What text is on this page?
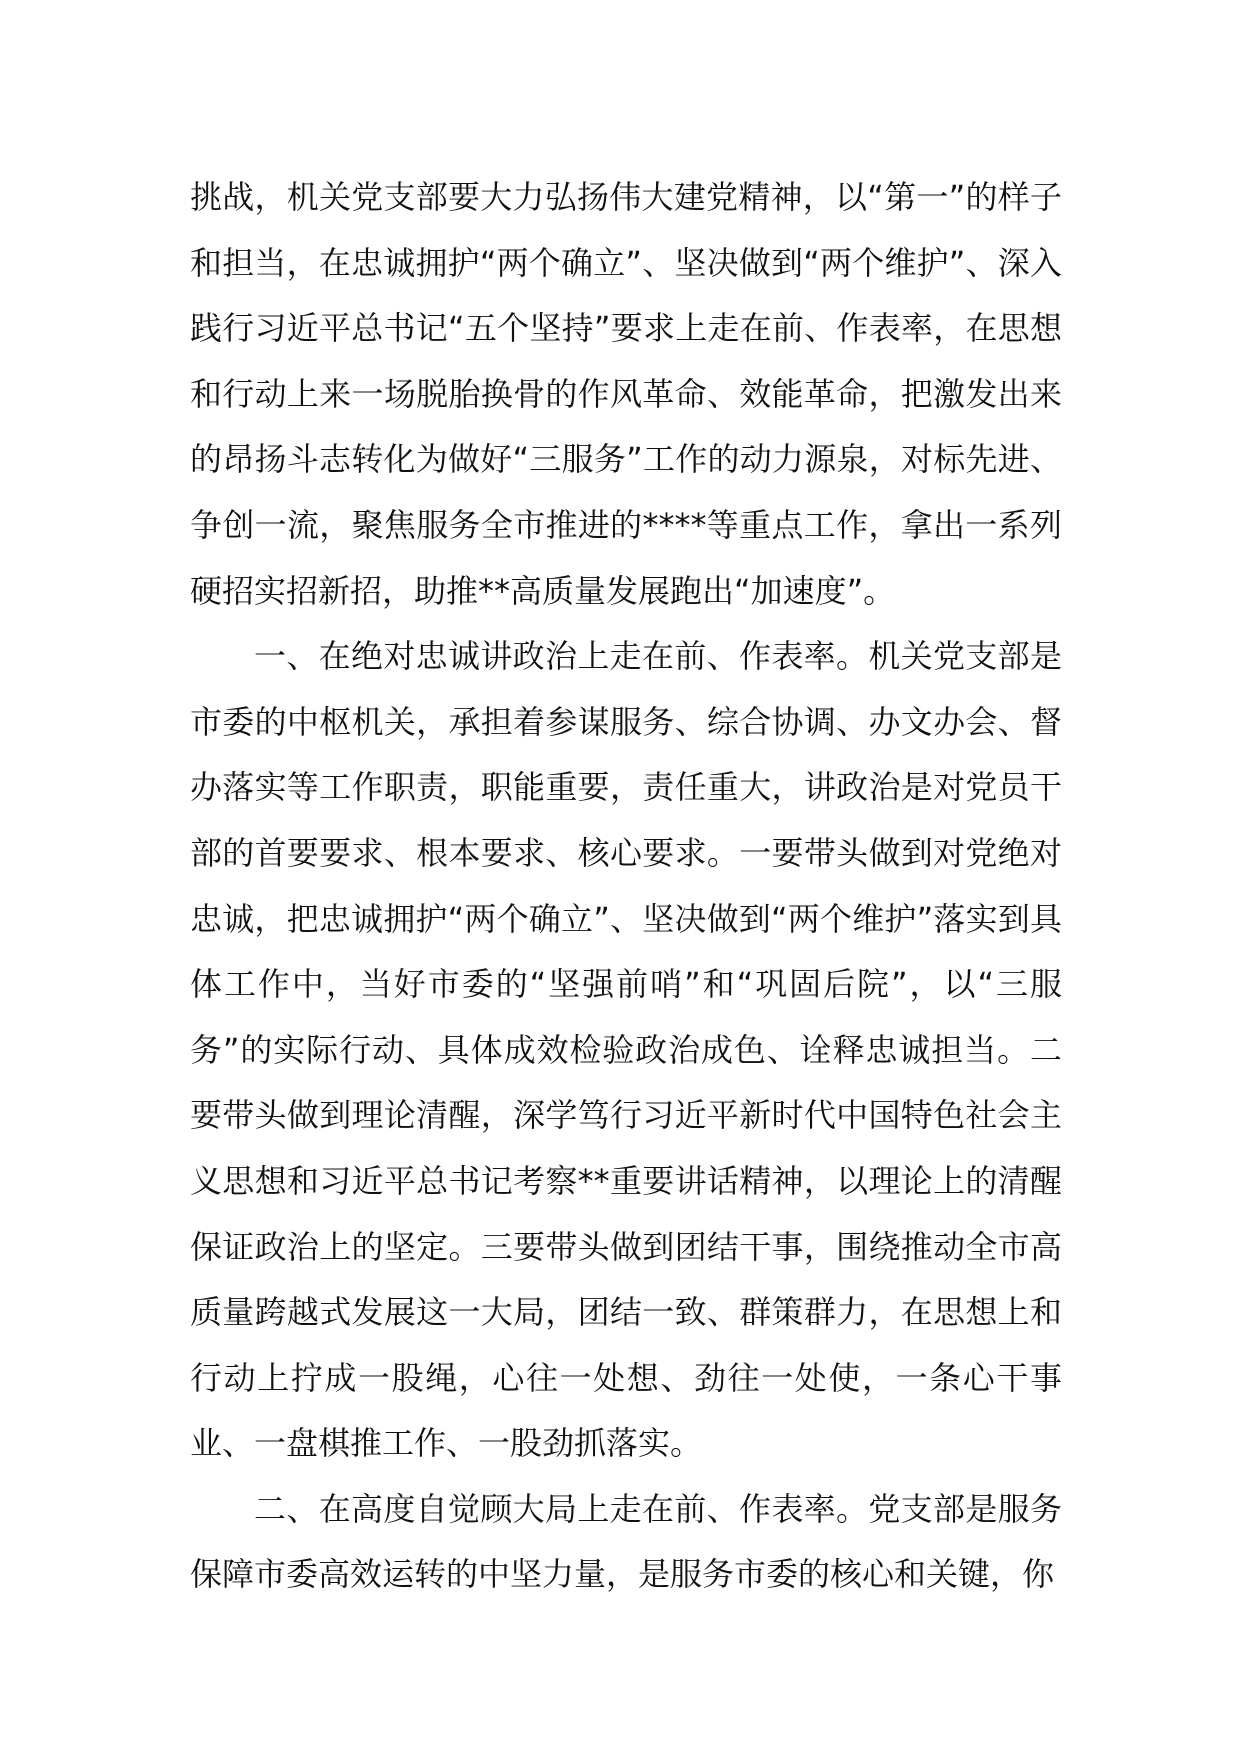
挑战，机关党支部要大力弘扬伟大建党精神，以“第一”的样子和担当，在忠诚拥护“两个确立”、坚决做到“两个维护”、深入践行习近平总书记“五个坚持”要求上走在前、作表率，在思想和行动上来一场脱胎换骨的作风革命、效能革命，把激发出来的昂扬斗志转化为做好“三服务”工作的动力源泉，对标先进、争创一流，聚焦服务全市推进的****等重点工作，拿出一系列硬招实招新招，助推**高质量发展跑出“加速度”。

一、在绝对忠诚讲政治上走在前、作表率。机关党支部是市委的中枢机关，承担着参谋服务、综合协调、办文办会、督办落实等工作职责，职能重要，责任重大，讲政治是对党员干部的首要要求、根本要求、核心要求。一要带头做到对党绝对忠诚，把忠诚拥护“两个确立”、坚决做到“两个维护”落实到具体工作中，当好市委的“坚强前哨”和“巩固后院”，以“三服务”的实际行动、具体成效检验政治成色、诠释忠诚担当。二要带头做到理论清醒，深学笃行习近平新时代中国特色社会主义思想和习近平总书记考察**重要讲话精神，以理论上的清醒保证政治上的坚定。三要带头做到团结干事，围绕推动全市高质量跨越式发展这一大局，团结一致、群策群力，在思想上和行动上拧成一股绳，心往一处想、劲往一处使，一条心干事业、一盘棋推工作、一股劲抓落实。

二、在高度自觉顾大局上走在前、作表率。党支部是服务保障市委高效运转的中坚力量，是服务市委的核心和关键，你
